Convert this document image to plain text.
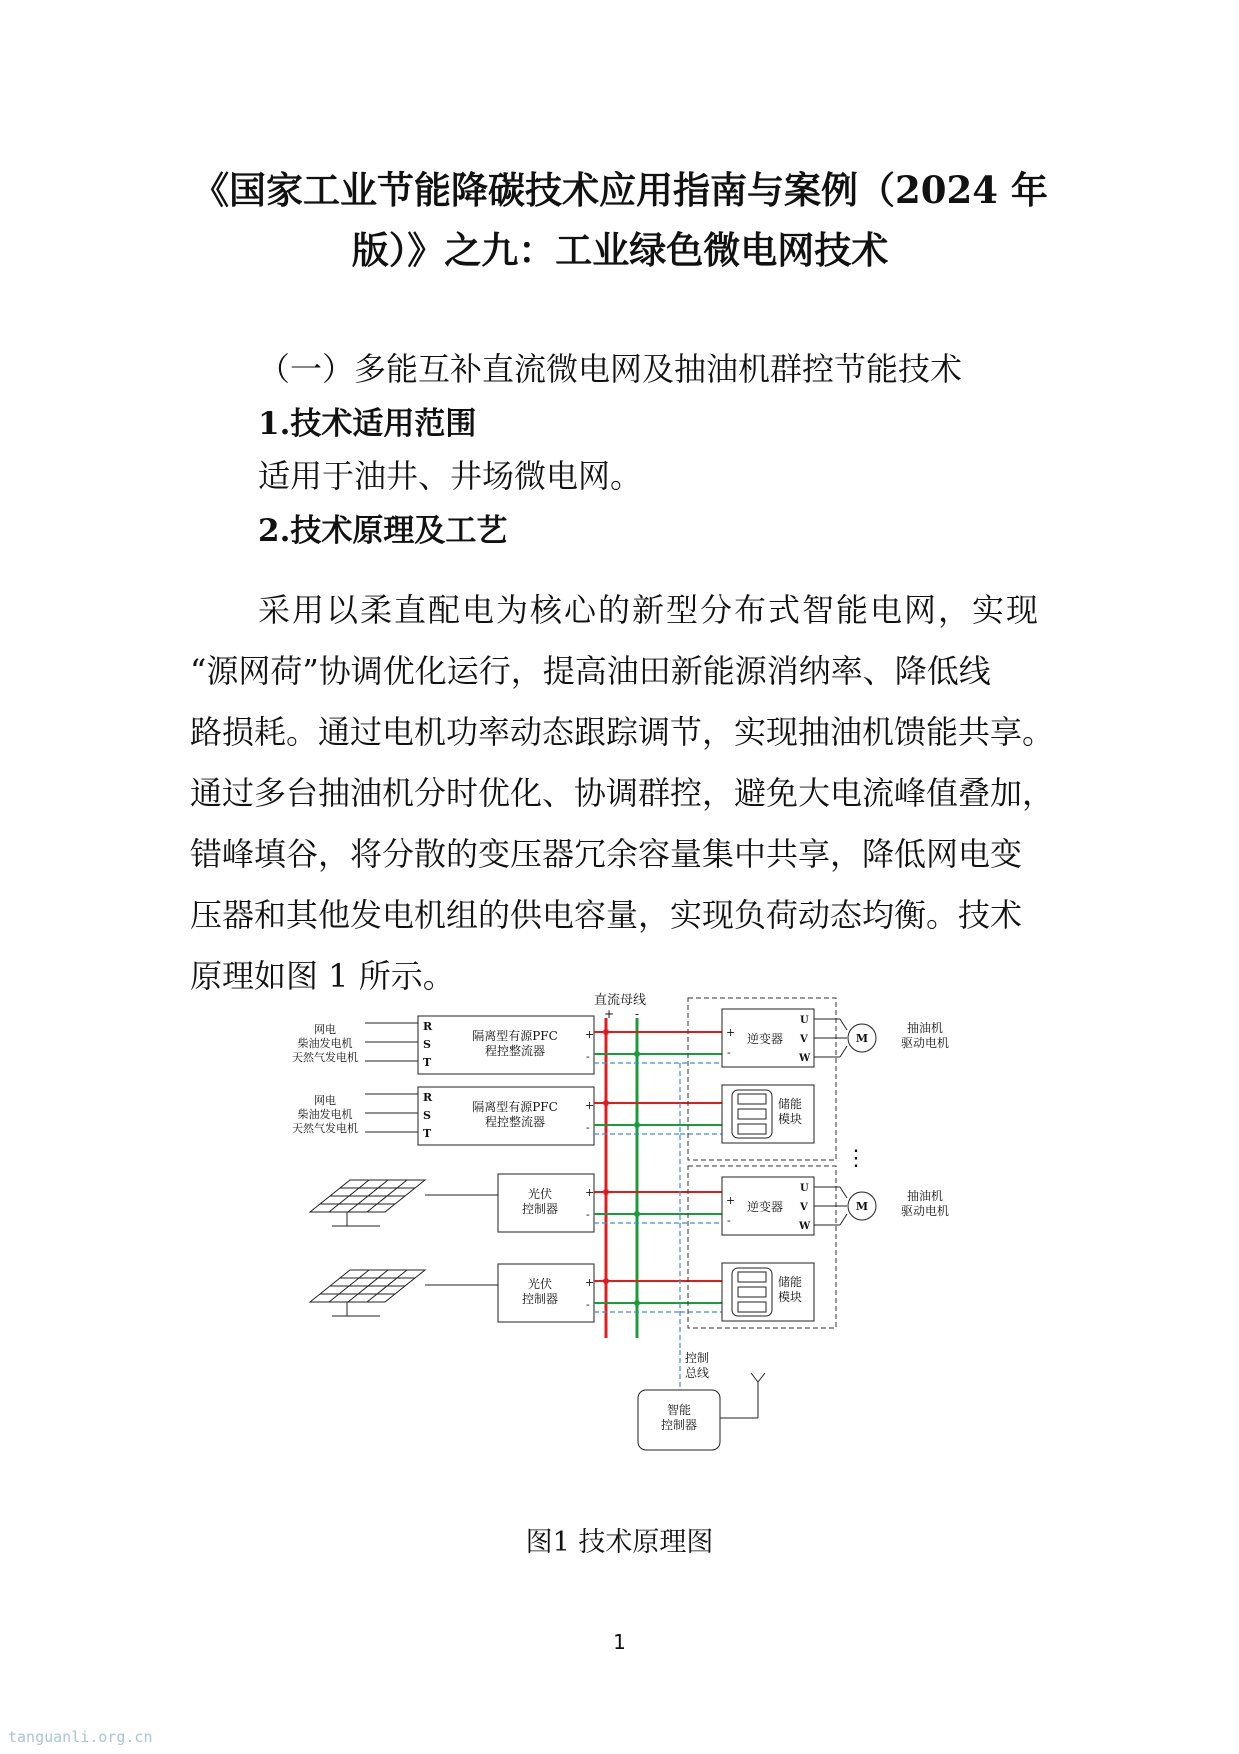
《国家工业节能降碳技术应用指南与案例（2024 年
版）》之九：工业绿色微电网技术

（一）多能互补直流微电网及抽油机群控节能技术

1.技术适用范围

适用于油井、井场微电网。

2.技术原理及工艺

采用以柔直配电为核心的新型分布式智能电网，实现
“源网荷”协调优化运行，提高油田新能源消纳率、降低线
路损耗。通过电机功率动态跟踪调节，实现抽油机馈能共享。
通过多台抽油机分时优化、协调群控，避免大电流峰值叠加，
错峰填谷，将分散的变压器冗余容量集中共享，降低网电变
压器和其他发电机组的供电容量，实现负荷动态均衡。技术
原理如图 1 所示。
直流母线
+ -
网电
柴油发电机
天然气发电机
R
S
T
隔离型有源PFC
程控整流器
+
-
网电
柴油发电机
天然气发电机
R
S
T
隔离型有源PFC
程控整流器
+
-
光伏
控制器
+
-
光伏
控制器
+
-
+
-
逆变器
U
V
W
M
抽油机
驱动电机
储能
模块
⋮
+
-
逆变器
U
V
W
M
抽油机
驱动电机
储能
模块
控制
总线
智能
控制器

图1 技术原理图

1

tanguanli.org.cn
